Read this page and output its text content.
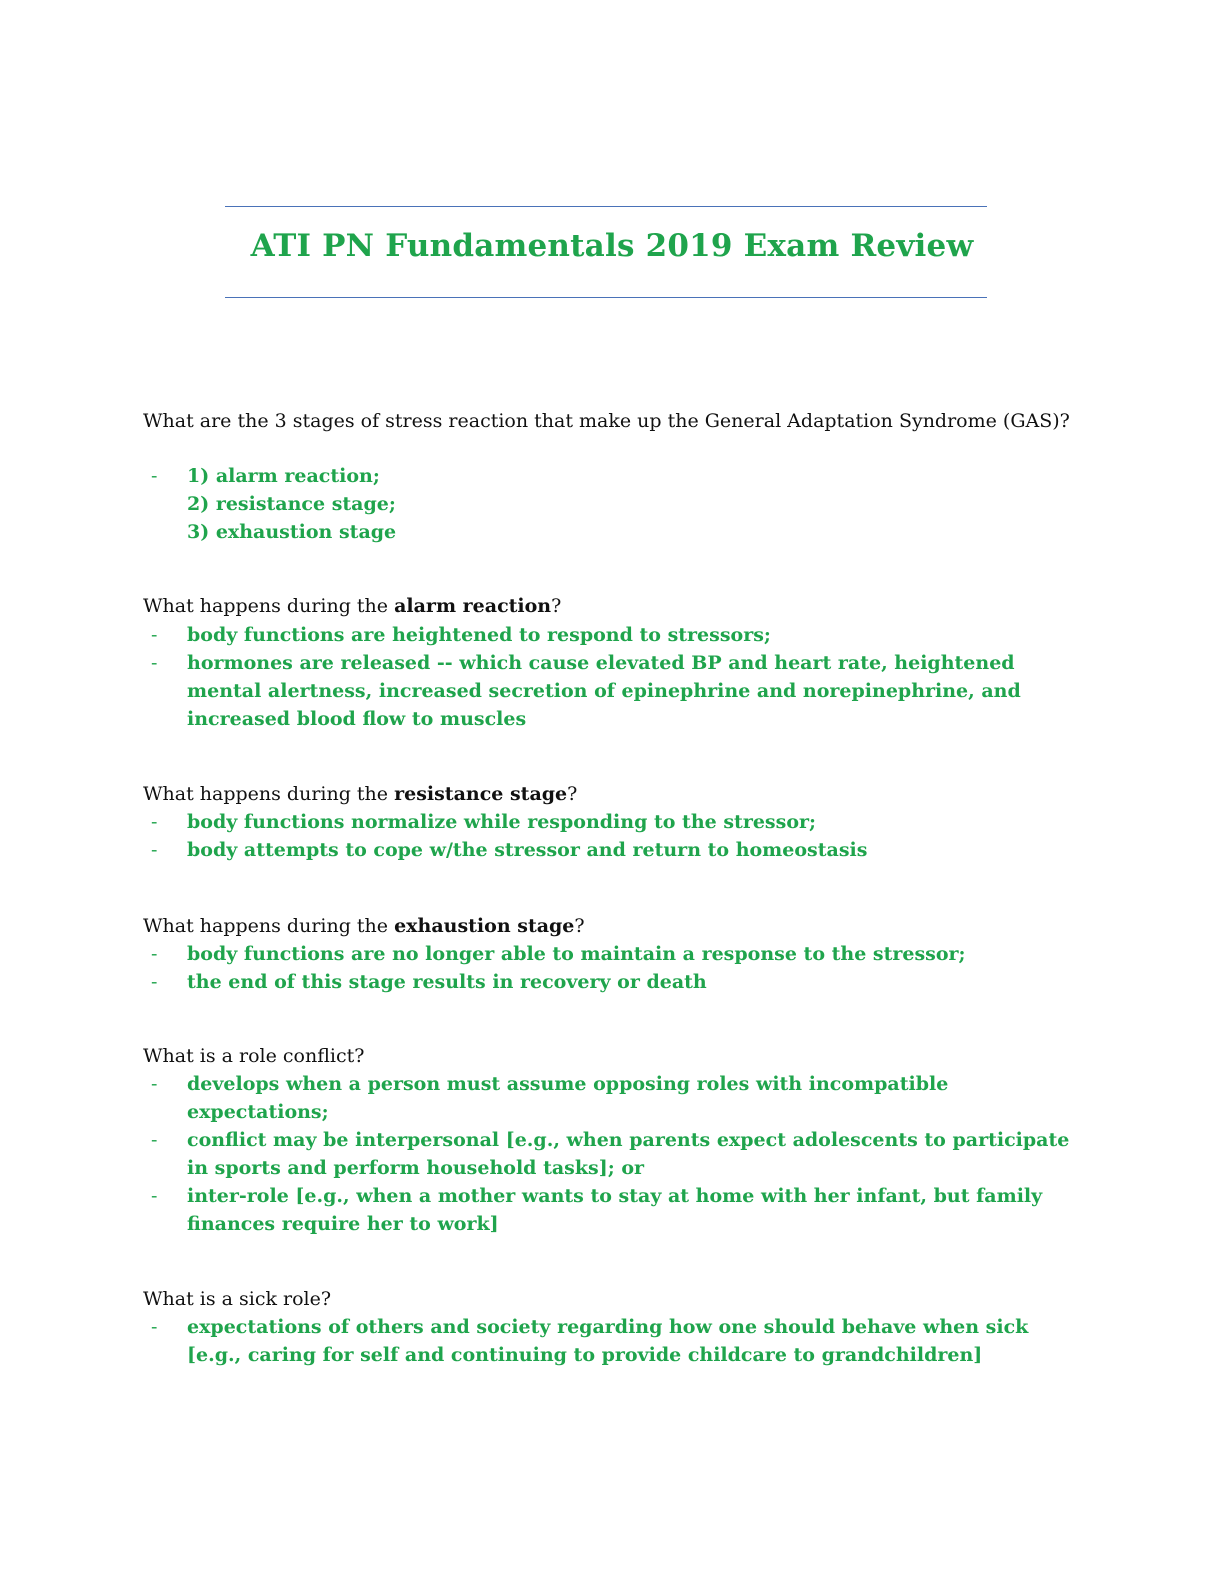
ATI PN Fundamentals 2019 Exam Review
What are the 3 stages of stress reaction that make up the General Adaptation Syndrome (GAS)?
- 1) alarm reaction;
2) resistance stage;
3) exhaustion stage
What happens during the alarm reaction?
- body functions are heightened to respond to stressors;
- hormones are released -- which cause elevated BP and heart rate, heightened mental alertness, increased secretion of epinephrine and norepinephrine, and increased blood flow to muscles
What happens during the resistance stage?
- body functions normalize while responding to the stressor;
- body attempts to cope w/the stressor and return to homeostasis
What happens during the exhaustion stage?
- body functions are no longer able to maintain a response to the stressor;
- the end of this stage results in recovery or death
What is a role conflict?
- develops when a person must assume opposing roles with incompatible expectations;
- conflict may be interpersonal [e.g., when parents expect adolescents to participate in sports and perform household tasks]; or
- inter-role [e.g., when a mother wants to stay at home with her infant, but family finances require her to work]
What is a sick role?
- expectations of others and society regarding how one should behave when sick [e.g., caring for self and continuing to provide childcare to grandchildren]
